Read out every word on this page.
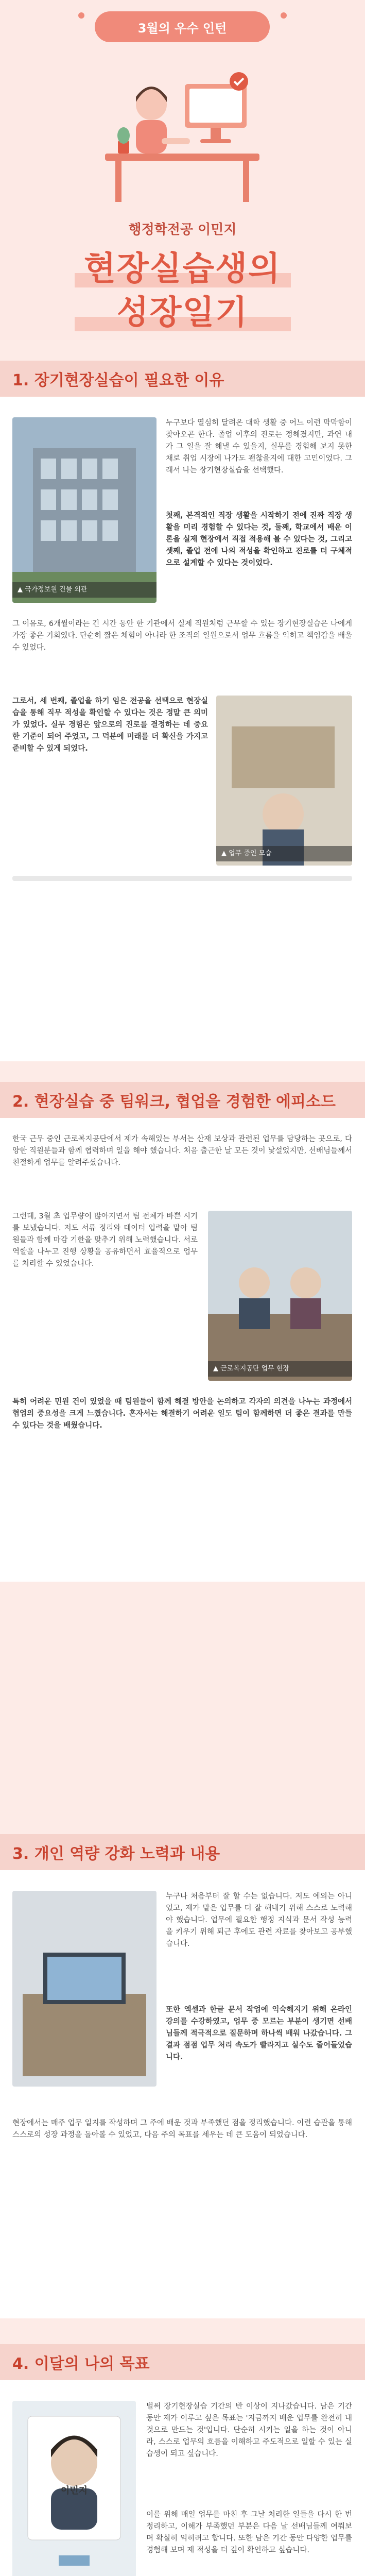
3월의 우수 인턴
행정학전공 이민지
현장실습생의
성장일기
1. 장기현장실습이 필요한 이유
▲ 국가정보원 건물 외관
누구보다 열심히 달려온 대학 생활 중 어느 이런 막막함이 찾아오곤 한다. 졸업 이후의 진로는 정해졌지만, 과연 내가 그 일을 잘 해낼 수 있을지, 실무를 경험해 보지 못한 채로 취업 시장에 나가도 괜찮을지에 대한 고민이었다. 그래서 나는 장기현장실습을 선택했다.
첫째, 본격적인 직장 생활을 시작하기 전에 진짜 직장 생활을 미리 경험할 수 있다는 것, 둘째, 학교에서 배운 이론을 실제 현장에서 직접 적용해 볼 수 있다는 것, 그리고 셋째, 졸업 전에 나의 적성을 확인하고 진로를 더 구체적으로 설계할 수 있다는 것이었다.
그 이유로, 6개월이라는 긴 시간 동안 한 기관에서 실제 직원처럼 근무할 수 있는 장기현장실습은 나에게 가장 좋은 기회였다. 단순히 짧은 체험이 아니라 한 조직의 일원으로서 업무 흐름을 익히고 책임감을 배울 수 있었다.
그로서, 세 번째, 졸업을 하기 임은 전공을 선택으로 현장실습을 통해 직무 적성을 확인할 수 있다는 것은 정말 큰 의미가 있었다. 실무 경험은 앞으로의 진로를 결정하는 데 중요한 기준이 되어 주었고, 그 덕분에 미래를 더 확신을 가지고 준비할 수 있게 되었다.
▲ 업무 중인 모습
2. 현장실습 중 팀워크, 협업을 경험한 에피소드
한국 근무 중인 근로복지공단에서 제가 속해있는 부서는 산재 보상과 관련된 업무를 담당하는 곳으로, 다양한 직원분들과 함께 협력하며 일을 해야 했습니다. 처음 출근한 날 모든 것이 낯설었지만, 선배님들께서 친절하게 업무를 알려주셨습니다.
그런데, 3월 초 업무량이 많아지면서 팀 전체가 바쁜 시기를 보냈습니다. 저도 서류 정리와 데이터 입력을 맡아 팀원들과 함께 마감 기한을 맞추기 위해 노력했습니다. 서로 역할을 나누고 진행 상황을 공유하면서 효율적으로 업무를 처리할 수 있었습니다.
▲ 근로복지공단 업무 현장
특히 어려운 민원 건이 있었을 때 팀원들이 함께 해결 방안을 논의하고 각자의 의견을 나누는 과정에서 협업의 중요성을 크게 느꼈습니다. 혼자서는 해결하기 어려운 일도 팀이 함께하면 더 좋은 결과를 만들 수 있다는 것을 배웠습니다.
3. 개인 역량 강화 노력과 내용
누구나 처음부터 잘 할 수는 없습니다. 저도 예외는 아니었고, 제가 맡은 업무를 더 잘 해내기 위해 스스로 노력해야 했습니다. 업무에 필요한 행정 지식과 문서 작성 능력을 키우기 위해 퇴근 후에도 관련 자료를 찾아보고 공부했습니다.
또한 엑셀과 한글 문서 작업에 익숙해지기 위해 온라인 강의를 수강하였고, 업무 중 모르는 부분이 생기면 선배님들께 적극적으로 질문하며 하나씩 배워 나갔습니다. 그 결과 점점 업무 처리 속도가 빨라지고 실수도 줄어들었습니다.
현장에서는 매주 업무 일지를 작성하며 그 주에 배운 것과 부족했던 점을 정리했습니다. 이런 습관을 통해 스스로의 성장 과정을 돌아볼 수 있었고, 다음 주의 목표를 세우는 데 큰 도움이 되었습니다.
4. 이달의 나의 목표
이민지
벌써 장기현장실습 기간의 반 이상이 지나갔습니다. 남은 기간 동안 제가 이루고 싶은 목표는 '지금까지 배운 업무를 완전히 내 것으로 만드는 것'입니다. 단순히 시키는 일을 하는 것이 아니라, 스스로 업무의 흐름을 이해하고 주도적으로 일할 수 있는 실습생이 되고 싶습니다.
이를 위해 매일 업무를 마친 후 그날 처리한 일들을 다시 한 번 정리하고, 이해가 부족했던 부분은 다음 날 선배님들께 여쭤보며 확실히 익히려고 합니다. 또한 남은 기간 동안 다양한 업무를 경험해 보며 제 적성을 더 깊이 확인하고 싶습니다.
